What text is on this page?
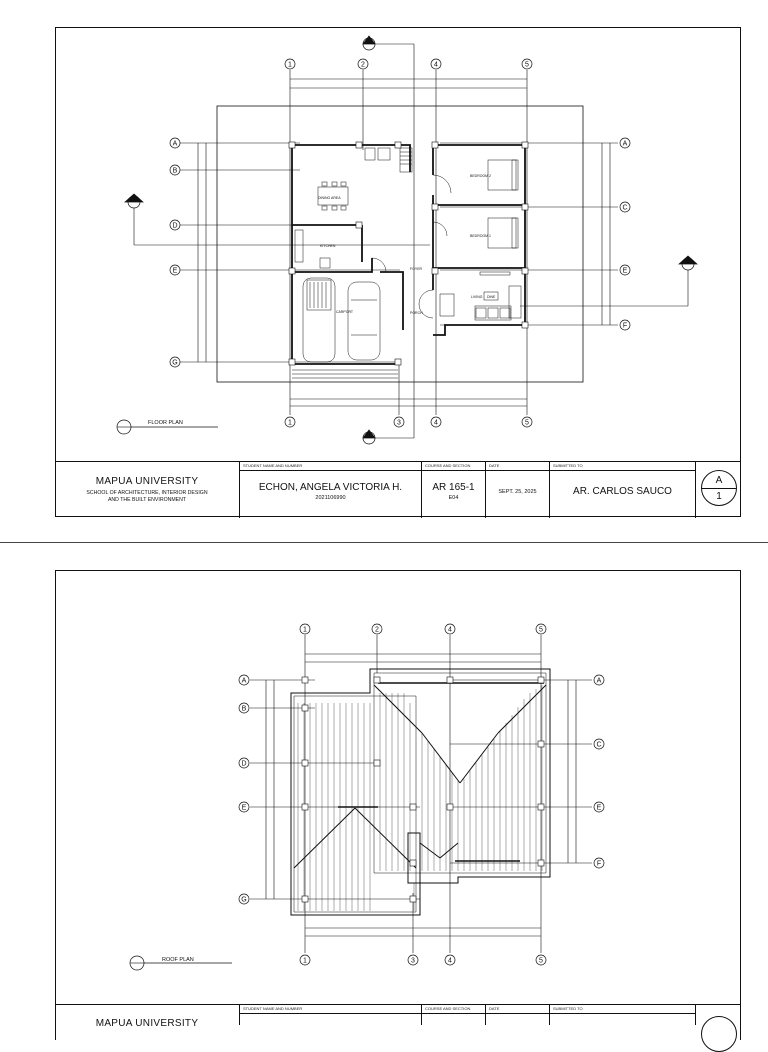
DINING AREA
KITCHEN
BEDROOM 2
BEDROOM 1
LIVING DINE
FOYER
PORCH
CARPORT
1	2	4	5
1	3	4	5
A
B
D
E
G
A
C
E
F
FLOOR PLAN
MAPUA UNIVERSITY
SCHOOL OF ARCHITECTURE, INTERIOR DESIGN
AND THE BUILT ENVIRONMENT
STUDENT NAME AND NUMBER
ECHON, ANGELA VICTORIA H.
2021106990
COURSE AND SECTION
AR 165-1
E04
DATE
SEPT. 25, 2025
SUBMITTED TO
AR. CARLOS SAUCO
A
1
1	2	4	5
1	3	4	5
A
B
D
E
G
A
C
E
F
ROOF PLAN
MAPUA UNIVERSITY
STUDENT NAME AND NUMBER	COURSE AND SECTION	DATE	SUBMITTED TO
